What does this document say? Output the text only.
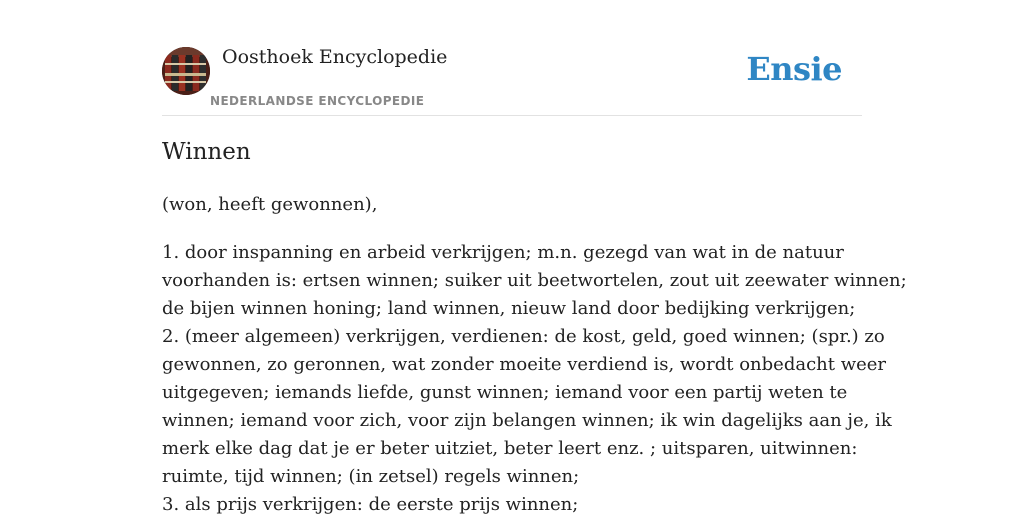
Oosthoek Encyclopedie
NEDERLANDSE ENCYCLOPEDIE
Ensie
Winnen

(won, heeft gewonnen),

1. door inspanning en arbeid verkrijgen; m.n. gezegd van wat in de natuur
voorhanden is: ertsen winnen; suiker uit beetwortelen, zout uit zeewater winnen;
de bijen winnen honing; land winnen, nieuw land door bedijking verkrijgen;
2. (meer algemeen) verkrijgen, verdienen: de kost, geld, goed winnen; (spr.) zo
gewonnen, zo geronnen, wat zonder moeite verdiend is, wordt onbedacht weer
uitgegeven; iemands liefde, gunst winnen; iemand voor een partij weten te
winnen; iemand voor zich, voor zijn belangen winnen; ik win dagelijks aan je, ik
merk elke dag dat je er beter uitziet, beter leert enz. ; uitsparen, uitwinnen:
ruimte, tijd winnen; (in zetsel) regels winnen;
3. als prijs verkrijgen: de eerste prijs winnen;
